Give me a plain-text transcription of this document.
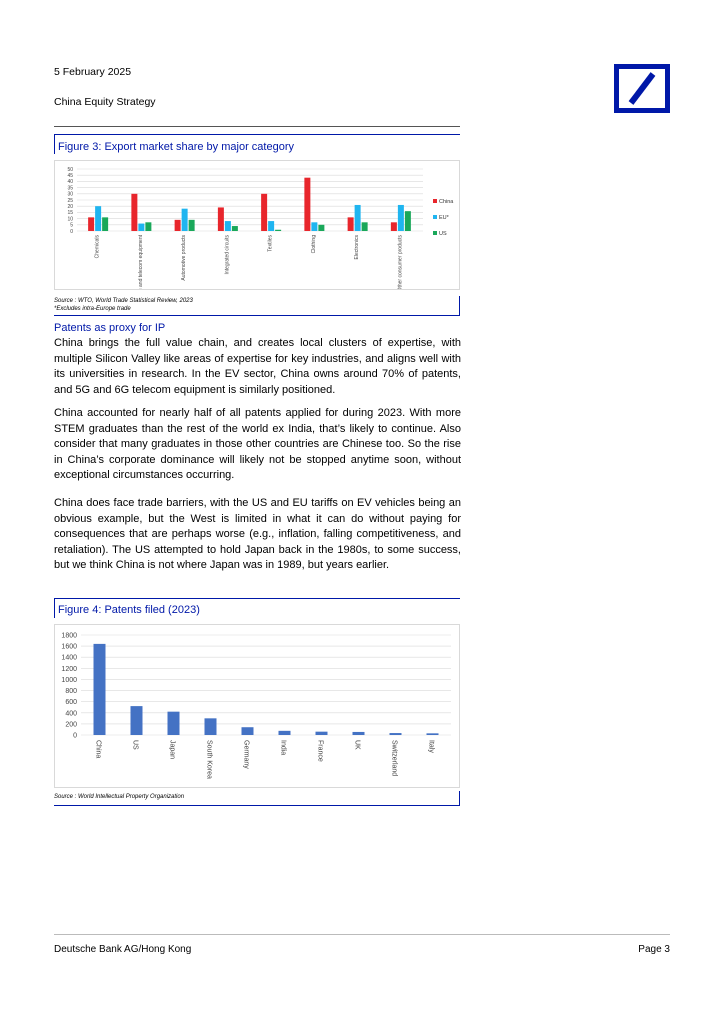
5 February 2025
China Equity Strategy
Figure 3: Export market share by major category
0
5
10
15
20
25
30
35
40
45
50
Chemicals	Office and telecom equipment	Automotive products	Integrated circuits	Textiles	Clothing	Electronics	Other consumer products
China
EU*
US
Source : WTO, World Trade Statistical Review, 2023
*Excludes intra-Europe trade
Patents as proxy for IP
China brings the full value chain, and creates local clusters of expertise, with multiple Silicon Valley like areas of expertise for key industries, and aligns well with its universities in research. In the EV sector, China owns around 70% of patents, and 5G and 6G telecom equipment is similarly positioned.
China accounted for nearly half of all patents applied for during 2023. With more STEM graduates than the rest of the world ex India, that’s likely to continue. Also consider that many graduates in those other countries are Chinese too. So the rise in China’s corporate dominance will likely not be stopped anytime soon, without exceptional circumstances occurring.
China does face trade barriers, with the US and EU tariffs on EV vehicles being an obvious example, but the West is limited in what it can do without paying for consequences that are perhaps worse (e.g., inflation, falling competitiveness, and retaliation). The US attempted to hold Japan back in the 1980s, to some success, but we think China is not where Japan was in 1989, but years earlier.
Figure 4: Patents filed (2023)
0
200
400
600
800
1000
1200
1400
1600
1800
China	US	Japan	South Korea	Germany	India	France	UK	Switzerland	Italy
Source : World Intellectual Property Organization
Deutsche Bank AG/Hong Kong	Page 3
